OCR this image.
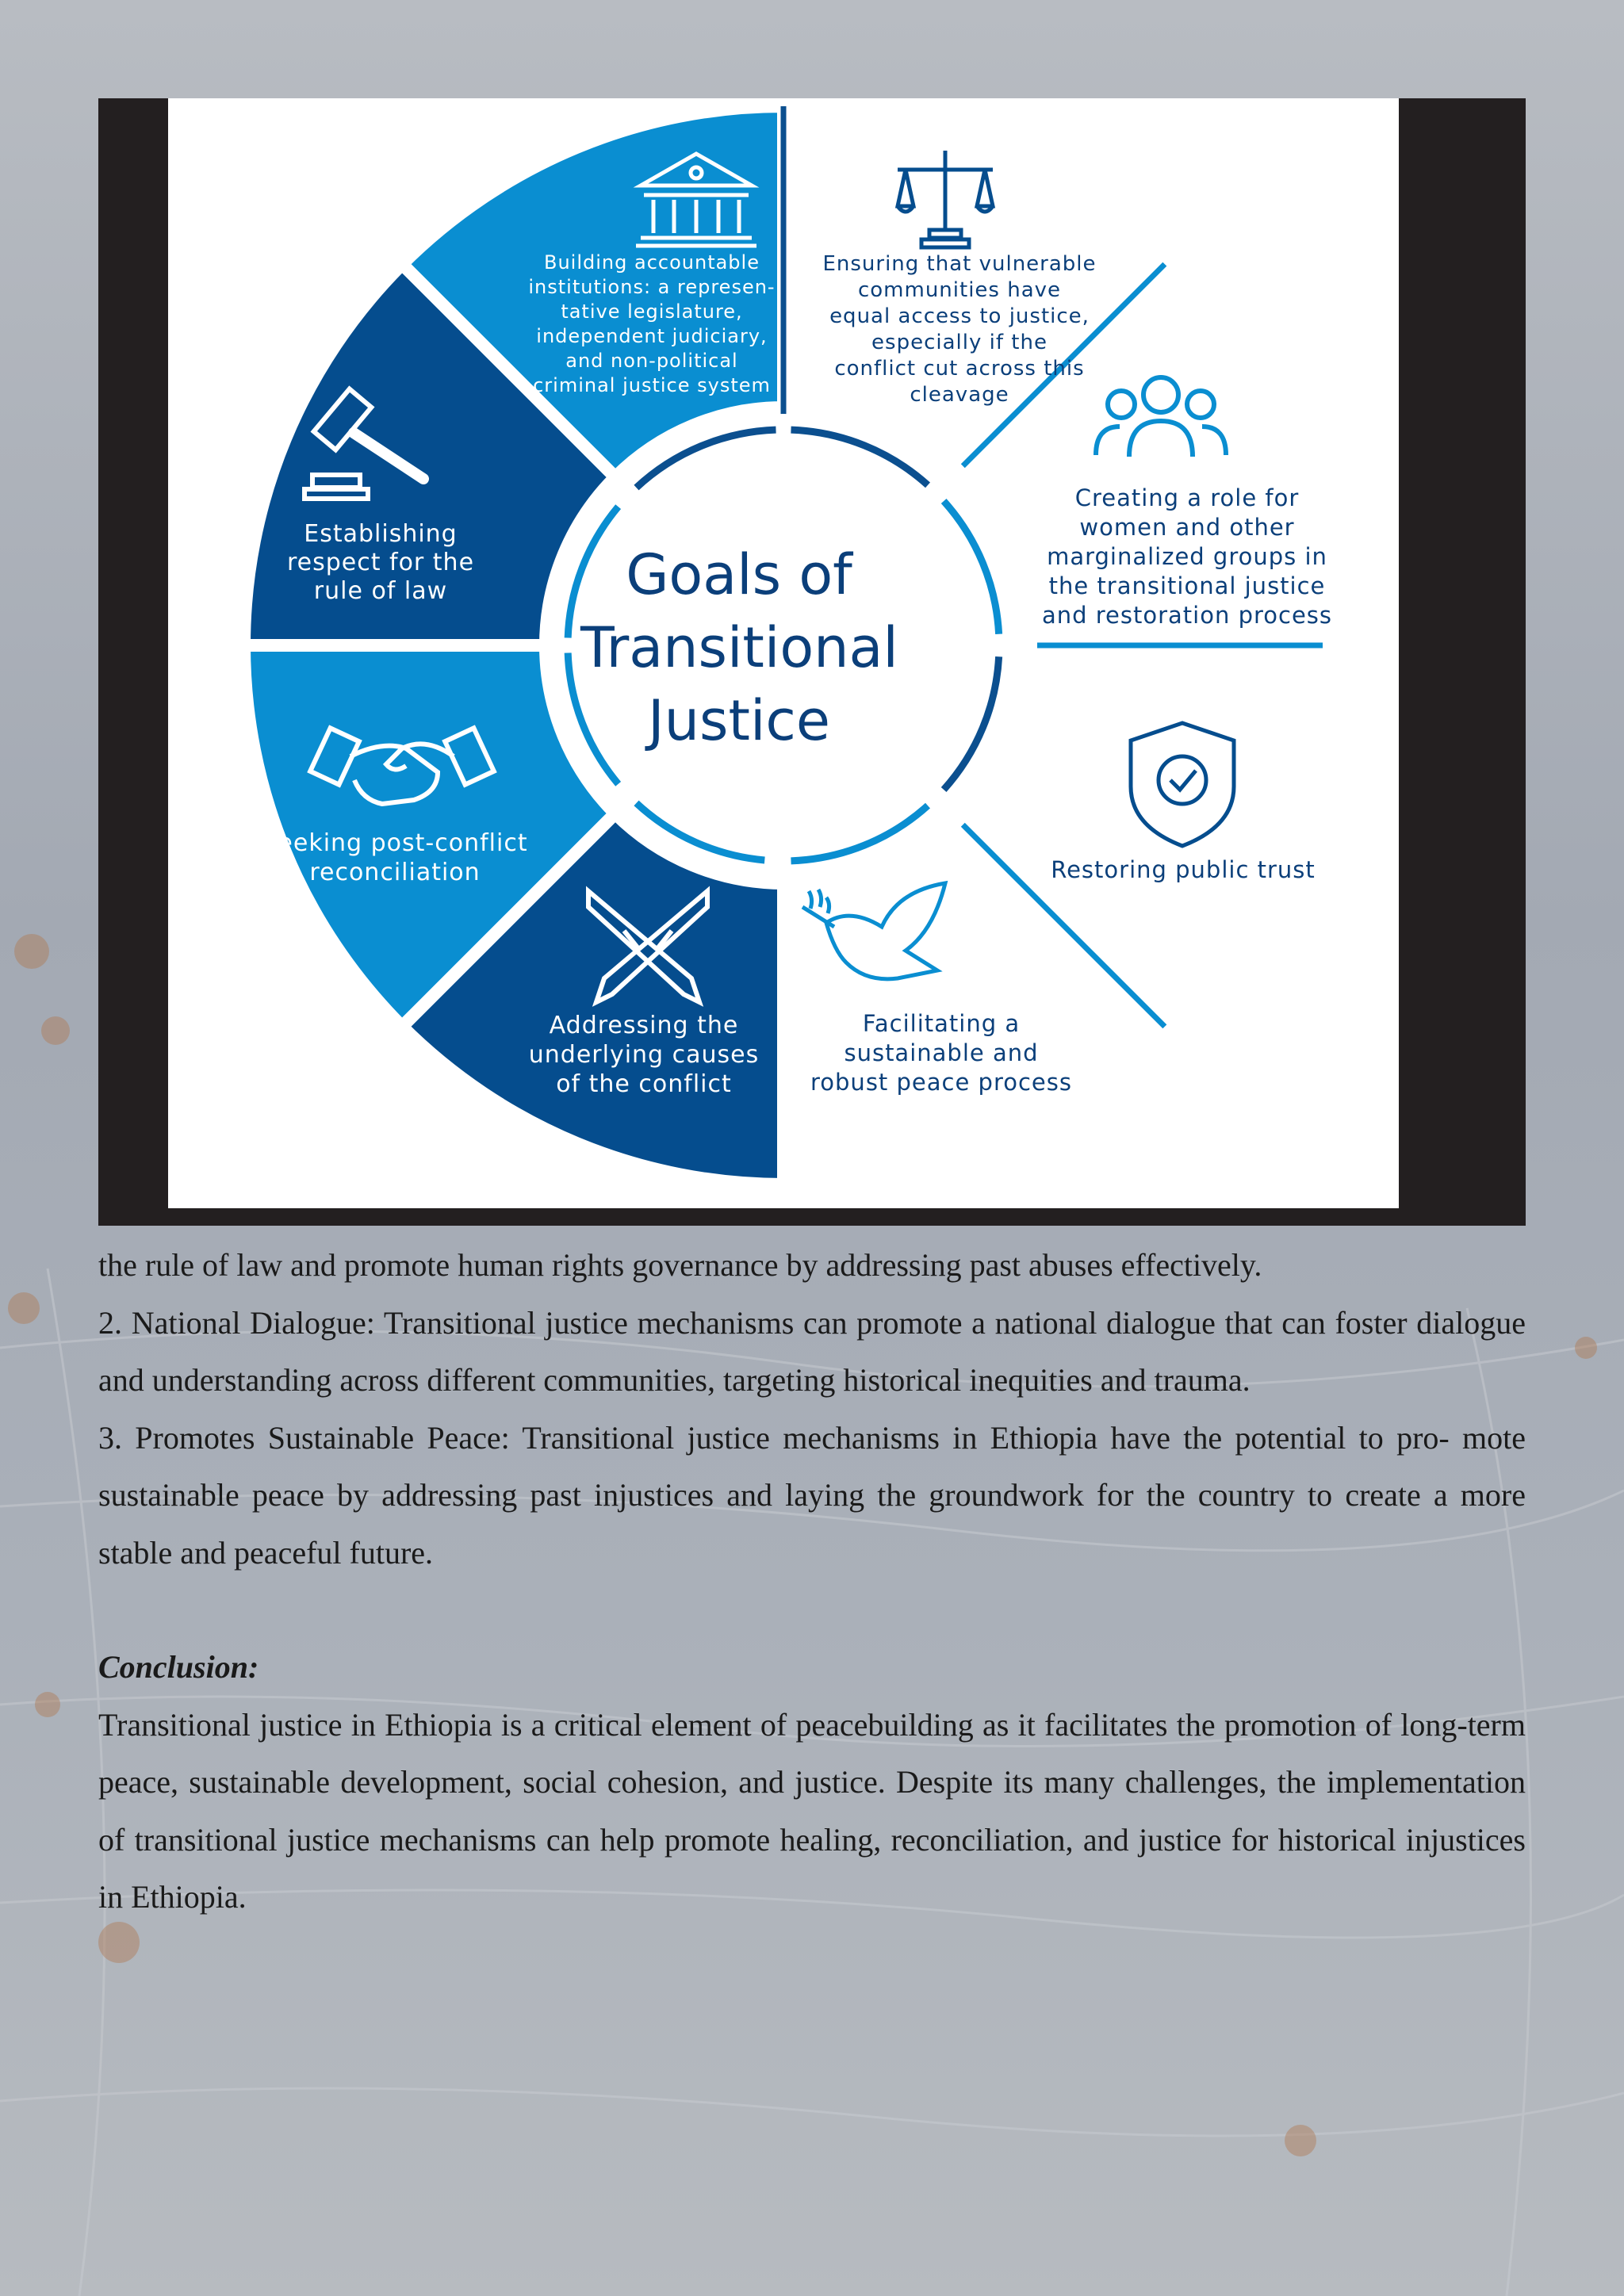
Goals of
Transitional
Justice
Building accountable
institutions: a represen-
tative legislature,
independent judiciary,
and non-political
criminal justice system
Establishing
respect for the
rule of law
Seeking post-conflict
reconciliation
Addressing the
underlying causes
of the conflict
Facilitating a
sustainable and
robust peace process
Restoring public trust
Creating a role for
women and other
marginalized groups in
the transitional justice
and restoration process
Ensuring that vulnerable
communities have
equal access to justice,
especially if the
conflict cut across this
cleavage

the rule of law and promote human rights governance by addressing past abuses effectively.

2. National Dialogue: Transitional justice mechanisms can promote a national dialogue that can foster dialogue and understanding across different communities, targeting historical inequities and trauma.

3. Promotes Sustainable Peace: Transitional justice mechanisms in Ethiopia have the potential to pro- mote sustainable peace by addressing past injustices and laying the groundwork for the country to create a more stable and peaceful future.

Conclusion:

Transitional justice in Ethiopia is a critical element of peacebuilding as it facilitates the promotion of long-term peace, sustainable development, social cohesion, and justice. Despite its many challenges, the implementation of transitional justice mechanisms can help promote healing, reconciliation, and justice for historical injustices in Ethiopia.
